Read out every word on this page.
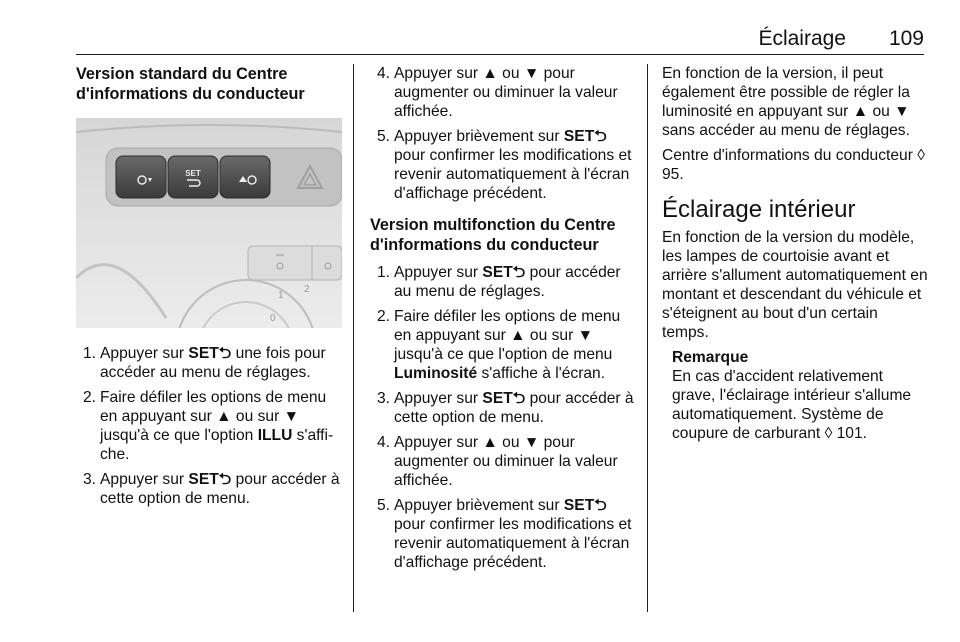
Éclairage 109
Version standard du Centre d'informations du conducteur
SET
1
2
0
1. Appuyer sur SET⮌ une fois pour accéder au menu de réglages.
2. Faire défiler les options de menu en appuyant sur ▲ ou sur ▼ jusqu'à ce que l'option ILLU s'affi-che.
3. Appuyer sur SET⮌ pour accéder à cette option de menu.
4. Appuyer sur ▲ ou ▼ pour augmenter ou diminuer la valeur affichée.
5. Appuyer brièvement sur SET⮌ pour confirmer les modifications et revenir automatiquement à l'écran d'affichage précédent.
Version multifonction du Centre d'informations du conducteur
1. Appuyer sur SET⮌ pour accéder au menu de réglages.
2. Faire défiler les options de menu en appuyant sur ▲ ou sur ▼ jusqu'à ce que l'option de menu Luminosité s'affiche à l'écran.
3. Appuyer sur SET⮌ pour accéder à cette option de menu.
4. Appuyer sur ▲ ou ▼ pour augmenter ou diminuer la valeur affichée.
5. Appuyer brièvement sur SET⮌ pour confirmer les modifications et revenir automatiquement à l'écran d'affichage précédent.

En fonction de la version, il peut également être possible de régler la luminosité en appuyant sur ▲ ou ▼ sans accéder au menu de réglages.

Centre d'informations du conducteur ◊ 95.

Éclairage intérieur

En fonction de la version du modèle, les lampes de courtoisie avant et arrière s'allument automatiquement en montant et descendant du véhicule et s'éteignent au bout d'un certain temps.

Remarque
En cas d'accident relativement grave, l'éclairage intérieur s'allume automatiquement. Système de coupure de carburant ◊ 101.
